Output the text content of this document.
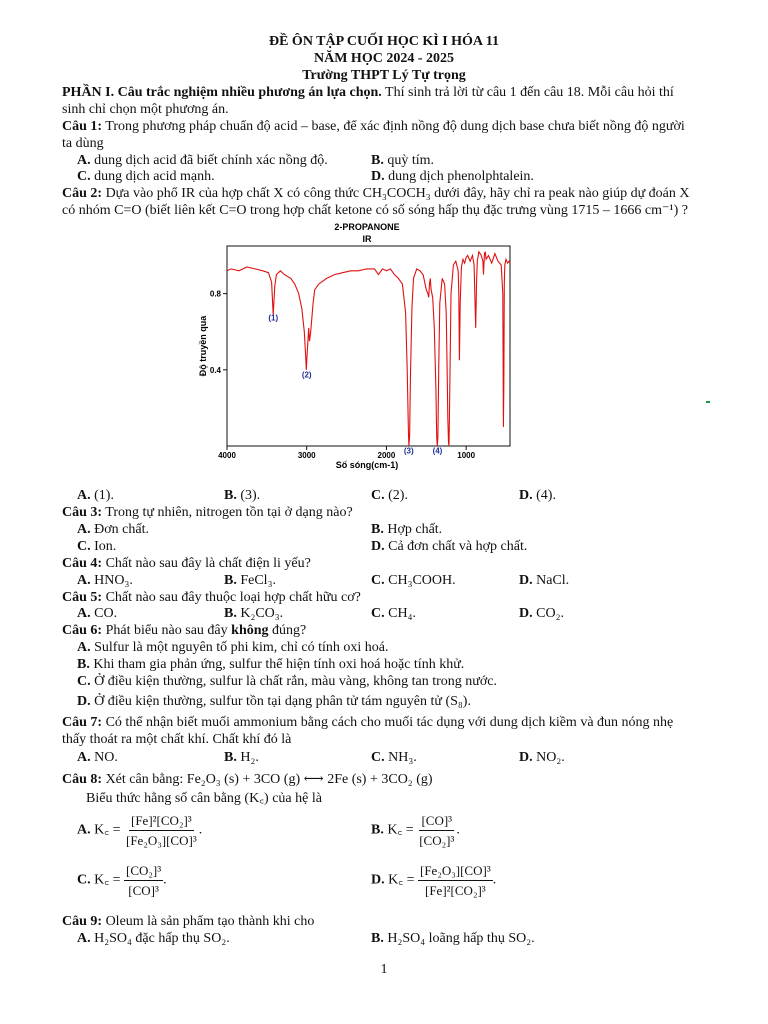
ĐỀ ÔN TẬP CUỐI HỌC KÌ I HÓA 11
NĂM HỌC 2024 - 2025
Trường THPT Lý Tự trọng
PHẦN I. Câu trắc nghiệm nhiều phương án lựa chọn. Thí sinh trả lời từ câu 1 đến câu 18. Mỗi câu hỏi thí
sinh chỉ chọn một phương án.
Câu 1: Trong phương pháp chuẩn độ acid – base, để xác định nồng độ dung dịch base chưa biết nồng độ người
ta dùng
A. dung dịch acid đã biết chính xác nồng độ.	B. quỳ tím.
C. dung dịch acid mạnh.	D. dung dịch phenolphtalein.
Câu 2: Dựa vào phổ IR của hợp chất X có công thức CH₃COCH₃ dưới đây, hãy chỉ ra peak nào giúp dự đoán X
có nhóm C=O (biết liên kết C=O trong hợp chất ketone có số sóng hấp thụ đặc trưng vùng 1715 – 1666 cm⁻¹) ?
2-PROPANONE
IR
4000	3000	2000	1000
0.8
0.4
(1)
(2)
(3) (4)
Số sóng(cm-1)
Độ truyền qua
A. (1).	B. (3).	C. (2).	D. (4).
Câu 3: Trong tự nhiên, nitrogen tồn tại ở dạng nào?
A. Đơn chất.	B. Hợp chất.
C. Ion.	D. Cả đơn chất và hợp chất.
Câu 4: Chất nào sau đây là chất điện li yếu?
A. HNO₃.	B. FeCl₃.	C. CH₃COOH.	D. NaCl.
Câu 5: Chất nào sau đây thuộc loại hợp chất hữu cơ?
A. CO.	B. K₂CO₃.	C. CH₄.	D. CO₂.
Câu 6: Phát biểu nào sau đây không đúng?
A. Sulfur là một nguyên tố phi kim, chỉ có tính oxi hoá.
B. Khi tham gia phản ứng, sulfur thể hiện tính oxi hoá hoặc tính khử.
C. Ở điều kiện thường, sulfur là chất rắn, màu vàng, không tan trong nước.
D. Ở điều kiện thường, sulfur tồn tại dạng phân tử tám nguyên tử (S₈).
Câu 7: Có thể nhận biết muối ammonium bằng cách cho muối tác dụng với dung dịch kiềm và đun nóng nhẹ
thấy thoát ra một chất khí. Chất khí đó là
A. NO.	B. H₂.	C. NH₃.	D. NO₂.
Câu 8: Xét cân bằng: Fe₂O₃ (s) + 3CO (g) ⟷ 2Fe (s) + 3CO₂ (g)
Biểu thức hằng số cân bằng (K꜀) của hệ là
A. K꜀ = $\frac{\text{[Fe]²[CO₂]³}}{\text{[Fe₂O₃][CO]³}}$ .	B. K꜀ = $\frac{\text{[CO]³}}{\text{[CO₂]³}}$ .
C. K꜀ = $\frac{\text{[CO₂]³}}{\text{[CO]³}}$ .	D. K꜀ = $\frac{\text{[Fe₂O₃][CO]³}}{\text{[Fe]²[CO₂]³}}$ .
Câu 9: Oleum là sản phẩm tạo thành khi cho
A. H₂SO₄ đặc hấp thụ SO₂.	B. H₂SO₄ loãng hấp thụ SO₂.
1
